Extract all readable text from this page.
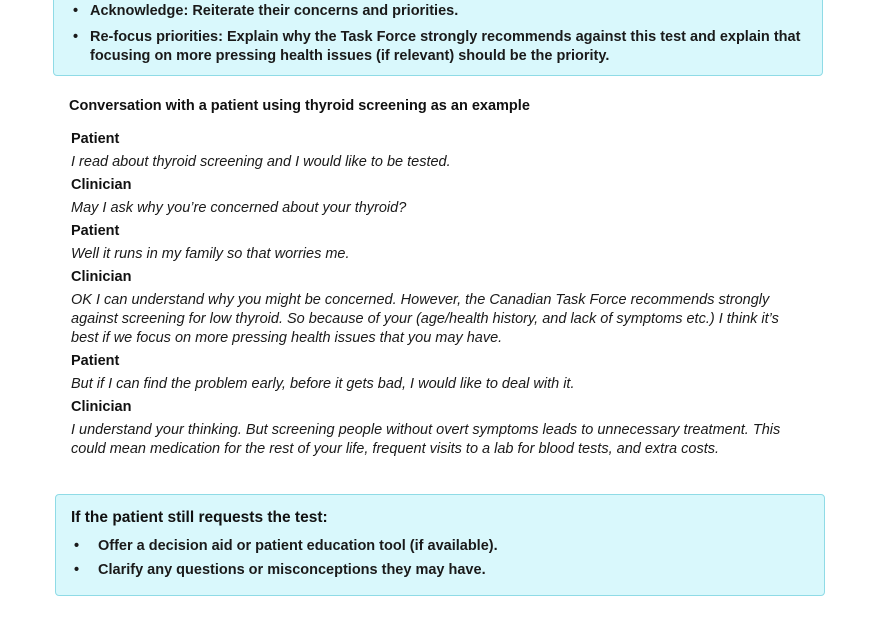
• Acknowledge: Reiterate their concerns and priorities.
• Re-focus priorities: Explain why the Task Force strongly recommends against this test and explain that focusing on more pressing health issues (if relevant) should be the priority.
Conversation with a patient using thyroid screening as an example

Patient

I read about thyroid screening and I would like to be tested.

Clinician

May I ask why you’re concerned about your thyroid?

Patient

Well it runs in my family so that worries me.

Clinician

OK I can understand why you might be concerned. However, the Canadian Task Force recommends strongly against screening for low thyroid. So because of your (age/health history, and lack of symptoms etc.) I think it’s best if we focus on more pressing health issues that you may have.

Patient

But if I can find the problem early, before it gets bad, I would like to deal with it.

Clinician

I understand your thinking. But screening people without overt symptoms leads to unnecessary treatment. This could mean medication for the rest of your life, frequent visits to a lab for blood tests, and extra costs.

If the patient still requests the test:
• Offer a decision aid or patient education tool (if available).
• Clarify any questions or misconceptions they may have.
